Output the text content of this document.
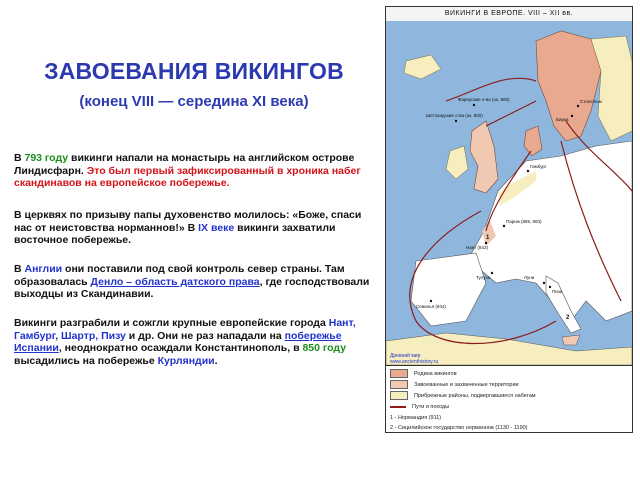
ЗАВОЕВАНИЯ ВИКИНГОВ
(конец VIII — середина XI века)
В 793 году викинги напали на монастырь на английском острове Линдисфарн. Это был первый зафиксированный в хроника набег скандинавов на европейское побережье.
В церквях по призыву папы духовенство молилось: «Боже, спаси нас от неистовства норманнов!» В IX веке викинги захватили восточное побережье.
В Англии они поставили под свой контроль север страны. Там образовалась Денло – область датского права, где господствовали выходцы из Скандинавии.
Викинги разграбили и сожгли крупные европейские города Нант, Гамбург, Шартр, Пизу и др. Они не раз нападали на побережье Испании, неоднократно осаждали Константинополь, в 850 году высадились на побережье Курляндии.
ВИКИНГИ В ЕВРОПЕ. VIII – XII вв.
Фарерские о-ва (ок. 800)
Шетландские о-ва (ок. 800)
Стокгольм
Бирка
Гамбург
Париж (885, 893)
Нант (843)
Тулуза
Севилья (844)
Луни
Пиза
1
2
Древний мир
www.ancienthistory.ru
Родина викингов
Завоеванные и захваченные территории
Прибрежные районы, подвергавшиеся набегам
Пути и походы
1 - Нормандия (911)
2 - Сицилийское государство норманнов (1130 - 1190)
